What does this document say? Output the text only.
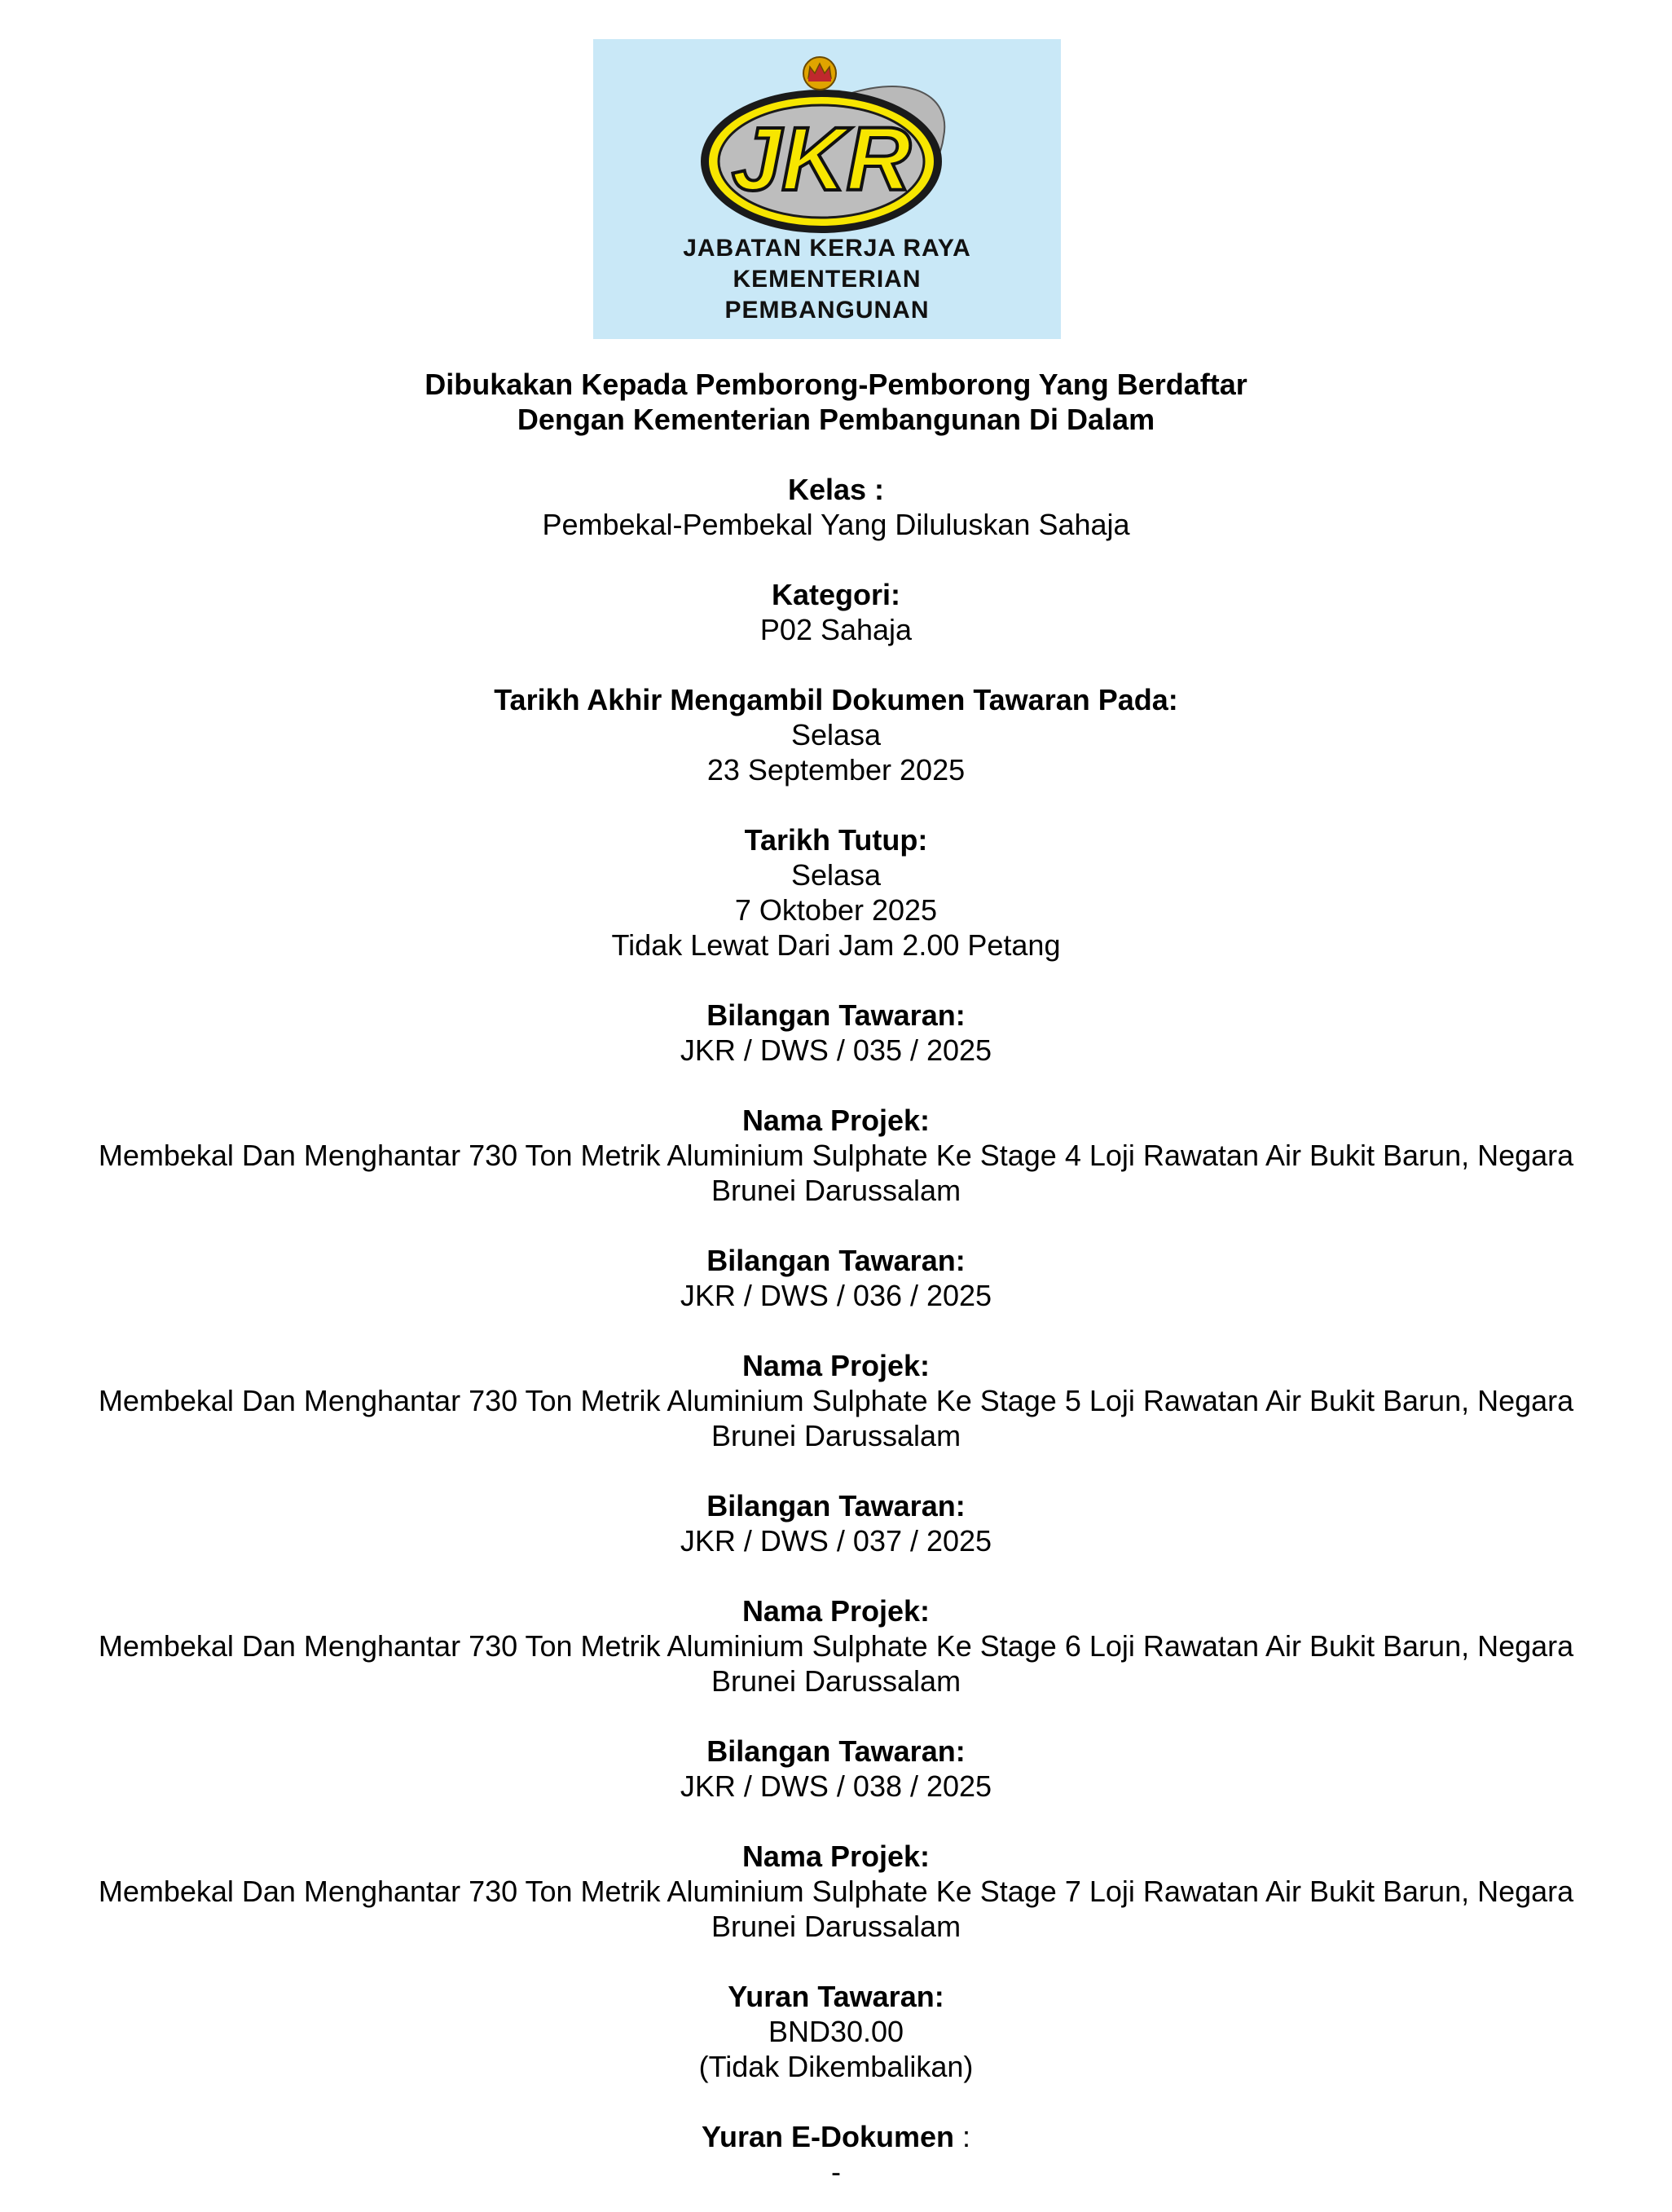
JKR
JABATAN KERJA RAYA
KEMENTERIAN
PEMBANGUNAN
Dibukakan Kepada Pemborong-Pemborong Yang Berdaftar
Dengan Kementerian Pembangunan Di Dalam
Kelas :
Pembekal-Pembekal Yang Diluluskan Sahaja
Kategori:
P02 Sahaja
Tarikh Akhir Mengambil Dokumen Tawaran Pada:
Selasa
23 September 2025
Tarikh Tutup:
Selasa
7 Oktober 2025
Tidak Lewat Dari Jam 2.00 Petang
Bilangan Tawaran:
JKR / DWS / 035 / 2025
Nama Projek:
Membekal Dan Menghantar 730 Ton Metrik Aluminium Sulphate Ke Stage 4 Loji Rawatan Air Bukit Barun, Negara Brunei Darussalam
Bilangan Tawaran:
JKR / DWS / 036 / 2025
Nama Projek:
Membekal Dan Menghantar 730 Ton Metrik Aluminium Sulphate Ke Stage 5 Loji Rawatan Air Bukit Barun, Negara Brunei Darussalam
Bilangan Tawaran:
JKR / DWS / 037 / 2025
Nama Projek:
Membekal Dan Menghantar 730 Ton Metrik Aluminium Sulphate Ke Stage 6 Loji Rawatan Air Bukit Barun, Negara Brunei Darussalam
Bilangan Tawaran:
JKR / DWS / 038 / 2025
Nama Projek:
Membekal Dan Menghantar 730 Ton Metrik Aluminium Sulphate Ke Stage 7 Loji Rawatan Air Bukit Barun, Negara Brunei Darussalam
Yuran Tawaran:
BND30.00
(Tidak Dikembalikan)
Yuran E-Dokumen :
-
